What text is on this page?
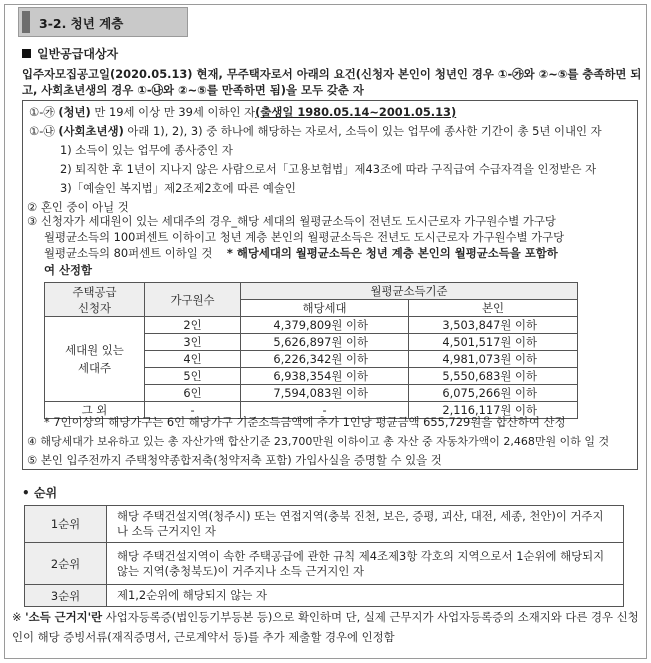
3-2. 청년 계층
일반공급대상자
입주자모집공고일(2020.05.13) 현재, 무주택자로서 아래의 요건(신청자 본인이 청년인 경우 ①-㉮와 ②~⑤를 충족하면 되고, 사회초년생의 경우 ①-㉯와 ②~⑤를 만족하면 됨)을 모두 갖춘 자
①-㉮ (청년) 만 19세 이상 만 39세 이하인 자(출생일 1980.05.14~2001.05.13)
①-㉯ (사회초년생) 아래 1), 2), 3) 중 하나에 해당하는 자로서, 소득이 있는 업무에 종사한 기간이 총 5년 이내인 자
1) 소득이 있는 업무에 종사중인 자
2) 퇴직한 후 1년이 지나지 않은 사람으로서「고용보험법」제43조에 따라 구직급여 수급자격을 인정받은 자
3)「예술인 복지법」제2조제2호에 따른 예술인
② 혼인 중이 아닐 것
③ 신청자가 세대원이 있는 세대주의 경우_해당 세대의 월평균소득이 전년도 도시근로자 가구원수별 가구당
월평균소득의 100퍼센트 이하이고 청년 계층 본인의 월평균소득은 전년도 도시근로자 가구원수별 가구당
월평균소득의 80퍼센트 이하일 것 * 해당세대의 월평균소득은 청년 계층 본인의 월평균소득을 포함하
여 산정함
주택공급
신청자	가구원수	월평균소득기준	
		해당세대	본인
세대원 있는
세대주	2인	4,379,809원 이하	3,503,847원 이하
	3인	5,626,897원 이하	4,501,517원 이하
	4인	6,226,342원 이하	4,981,073원 이하
	5인	6,938,354원 이하	5,550,683원 이하
	6인	7,594,083원 이하	6,075,266원 이하
그 외	-	-	2,116,117원 이하
* 7인이상의 해당가구는 6인 해당가구 기준소득금액에 추가 1인당 평균금액 655,729원을 합산하여 산정
④ 해당세대가 보유하고 있는 총 자산가액 합산기준 23,700만원 이하이고 총 자산 중 자동차가액이 2,468만원 이하 일 것
⑤ 본인 입주전까지 주택청약종합저축(청약저축 포함) 가입사실을 증명할 수 있을 것
• 순위
1순위	해당 주택건설지역(청주시) 또는 연접지역(충북 진천, 보은, 증평, 괴산, 대전, 세종, 천안)이 거주지나 소득 근거지인 자
2순위	해당 주택건설지역이 속한 주택공급에 관한 규칙 제4조제3항 각호의 지역으로서 1순위에 해당되지 않는 지역(충청북도)이 거주지나 소득 근거지인 자
3순위	제1,2순위에 해당되지 않는 자
※ '소득 근거지'란 사업자등록증(법인등기부등본 등)으로 확인하며 단, 실제 근무지가 사업자등록증의 소재지와 다른 경우 신청인이 해당 증빙서류(재직증명서, 근로계약서 등)를 추가 제출할 경우에 인정함
